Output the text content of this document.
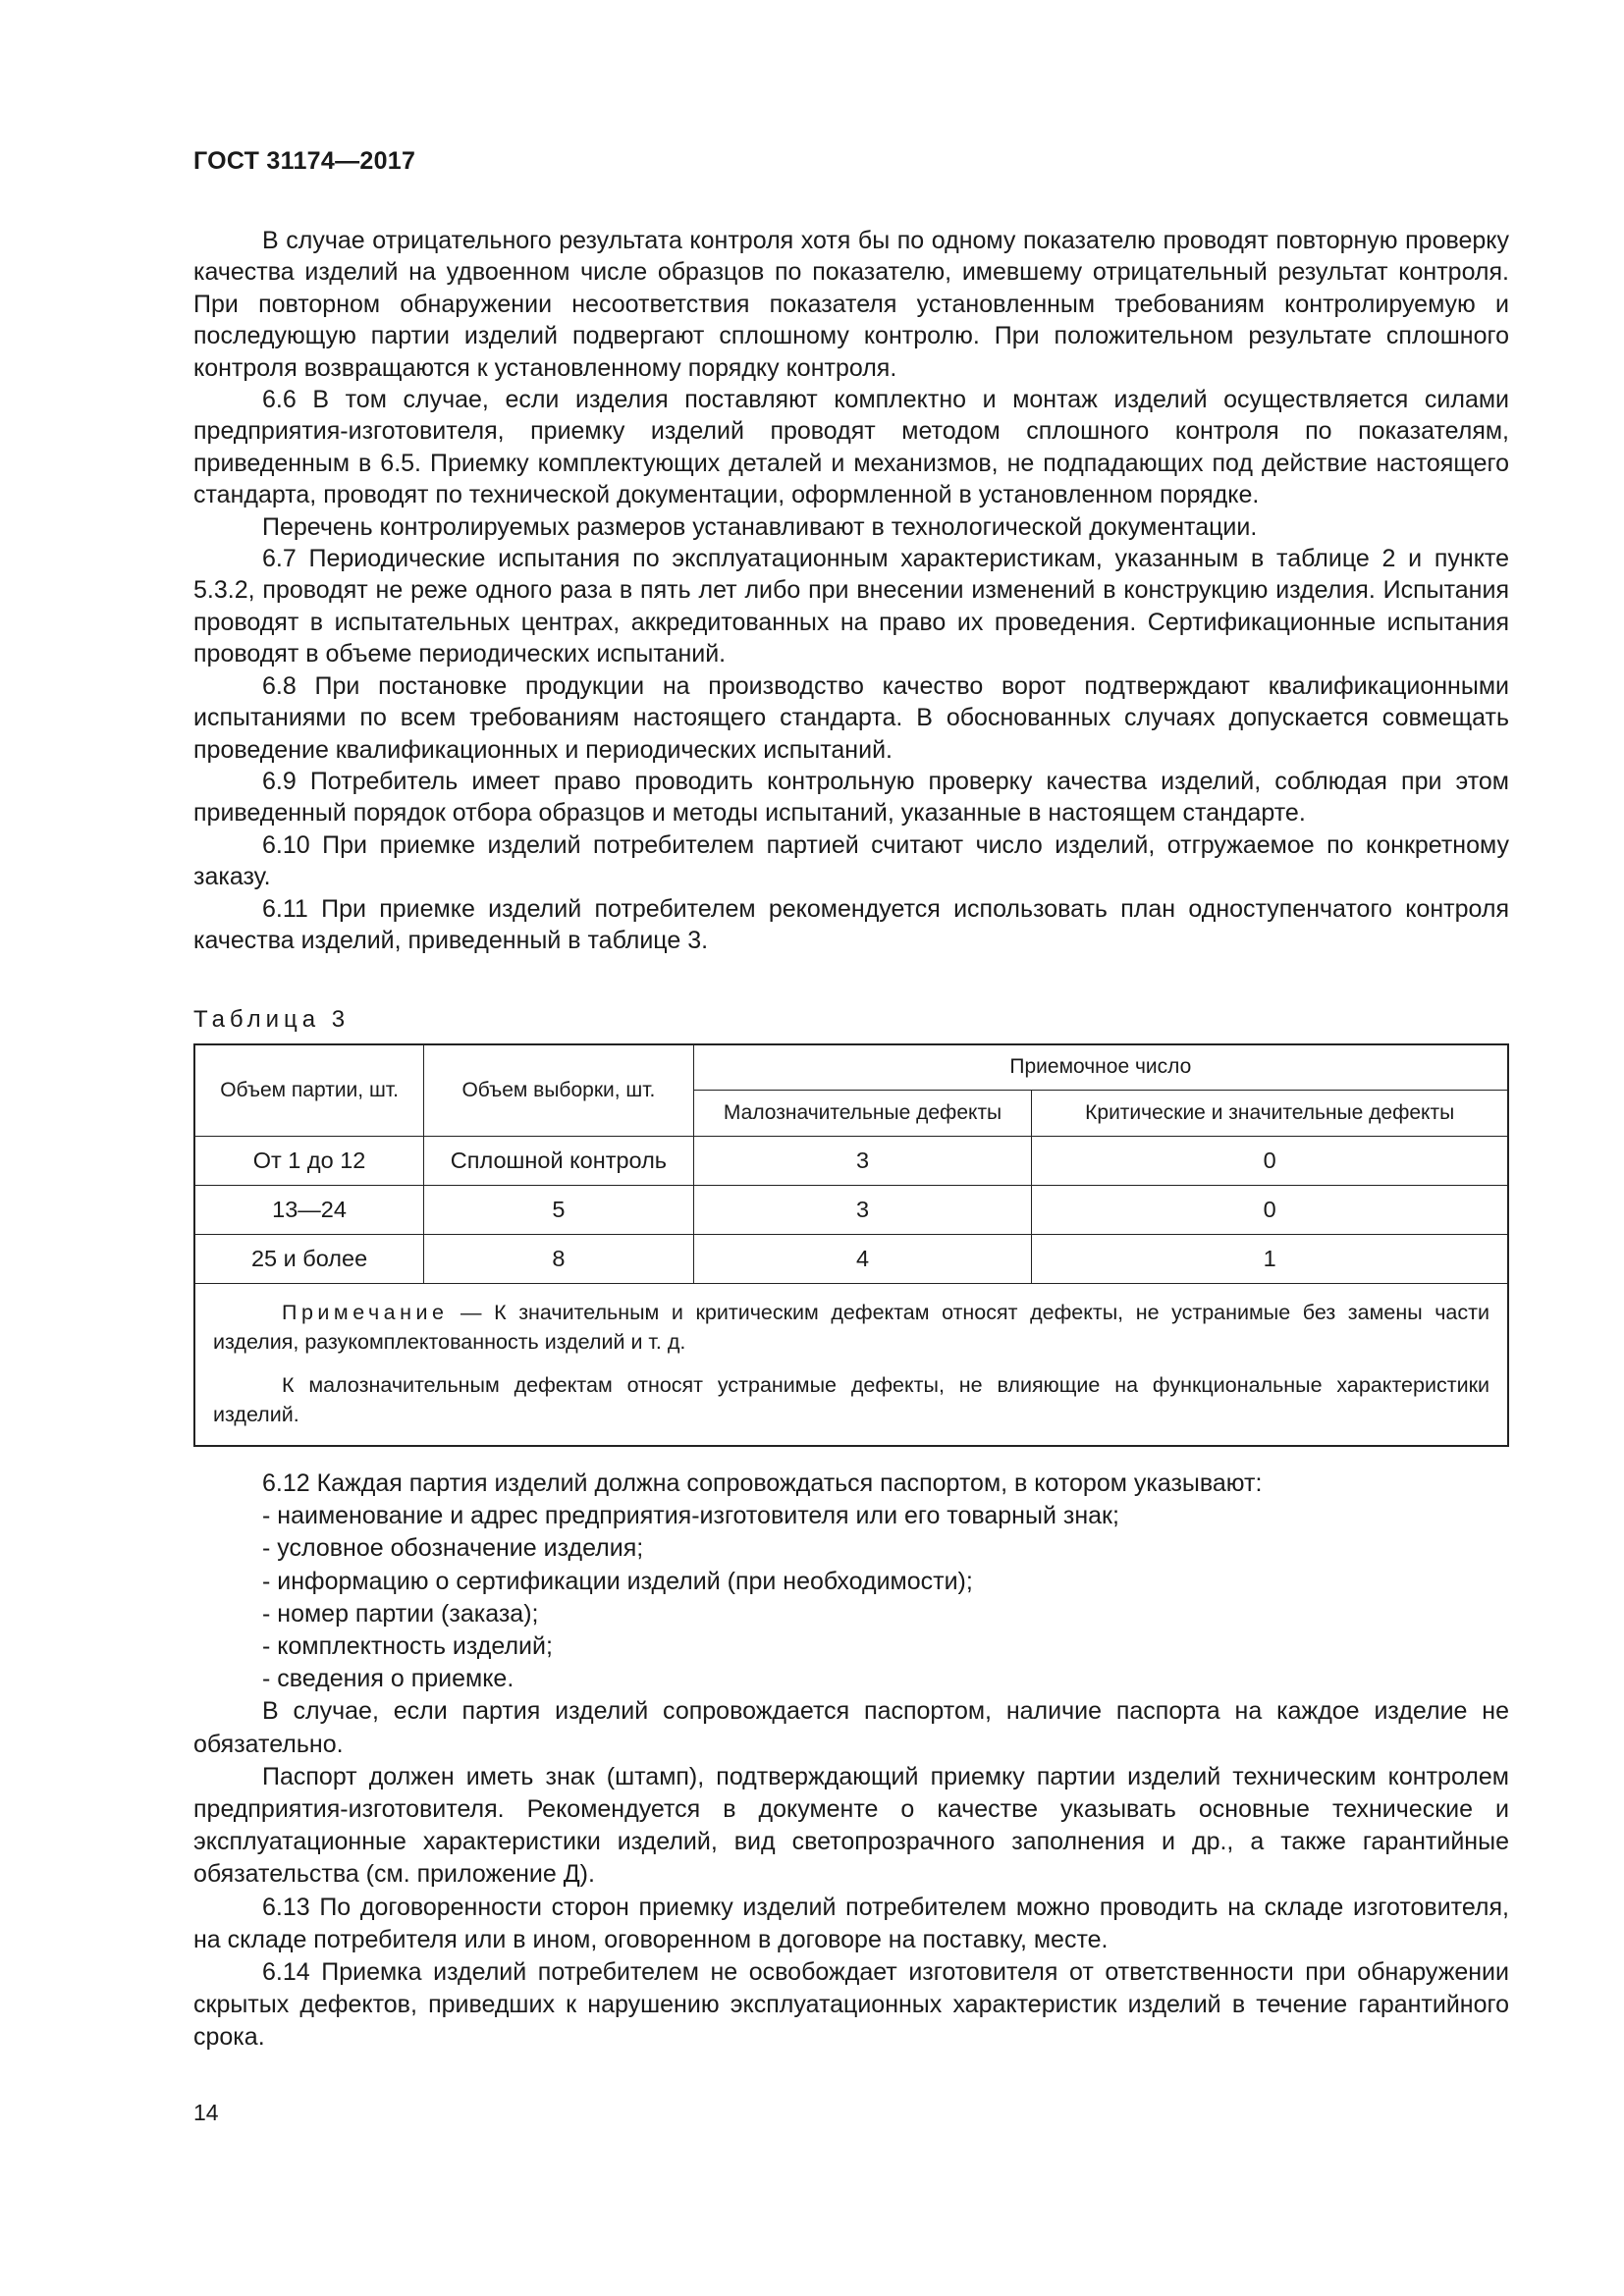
ГОСТ 31174—2017

В случае отрицательного результата контроля хотя бы по одному показателю проводят повторную проверку качества изделий на удвоенном числе образцов по показателю, имевшему отрицательный результат контроля. При повторном обнаружении несоответствия показателя установленным требованиям контролируемую и последующую партии изделий подвергают сплошному контролю. При положительном результате сплошного контроля возвращаются к установленному порядку контроля.

6.6 В том случае, если изделия поставляют комплектно и монтаж изделий осуществляется силами предприятия-изготовителя, приемку изделий проводят методом сплошного контроля по показателям, приведенным в 6.5. Приемку комплектующих деталей и механизмов, не подпадающих под действие настоящего стандарта, проводят по технической документации, оформленной в установленном порядке.

Перечень контролируемых размеров устанавливают в технологической документации.

6.7 Периодические испытания по эксплуатационным характеристикам, указанным в таблице 2 и пункте 5.3.2, проводят не реже одного раза в пять лет либо при внесении изменений в конструкцию изделия. Испытания проводят в испытательных центрах, аккредитованных на право их проведения. Сертификационные испытания проводят в объеме периодических испытаний.

6.8 При постановке продукции на производство качество ворот подтверждают квалификационными испытаниями по всем требованиям настоящего стандарта. В обоснованных случаях допускается совмещать проведение квалификационных и периодических испытаний.

6.9 Потребитель имеет право проводить контрольную проверку качества изделий, соблюдая при этом приведенный порядок отбора образцов и методы испытаний, указанные в настоящем стандарте.

6.10 При приемке изделий потребителем партией считают число изделий, отгружаемое по конкретному заказу.

6.11 При приемке изделий потребителем рекомендуется использовать план одноступенчатого контроля качества изделий, приведенный в таблице 3.

Таблица 3
Объем партии, шт.	Объем выборки, шт.	Приемочное число	
		Малозначительные дефекты	Критические и значительные дефекты
От 1 до 12	Сплошной контроль	3	0
13—24	5	3	0
25 и более	8	4	1

Примечание — К значительным и критическим дефектам относят дефекты, не устранимые без замены части изделия, разукомплектованность изделий и т. д.

К малозначительным дефектам относят устранимые дефекты, не влияющие на функциональные характеристики изделий.			

6.12 Каждая партия изделий должна сопровождаться паспортом, в котором указывают:

- наименование и адрес предприятия-изготовителя или его товарный знак;

- условное обозначение изделия;

- информацию о сертификации изделий (при необходимости);

- номер партии (заказа);

- комплектность изделий;

- сведения о приемке.

В случае, если партия изделий сопровождается паспортом, наличие паспорта на каждое изделие не обязательно.

Паспорт должен иметь знак (штамп), подтверждающий приемку партии изделий техническим контролем предприятия-изготовителя. Рекомендуется в документе о качестве указывать основные технические и эксплуатационные характеристики изделий, вид светопрозрачного заполнения и др., а также гарантийные обязательства (см. приложение Д).

6.13 По договоренности сторон приемку изделий потребителем можно проводить на складе изготовителя, на складе потребителя или в ином, оговоренном в договоре на поставку, месте.

6.14 Приемка изделий потребителем не освобождает изготовителя от ответственности при обнаружении скрытых дефектов, приведших к нарушению эксплуатационных характеристик изделий в течение гарантийного срока.

14
